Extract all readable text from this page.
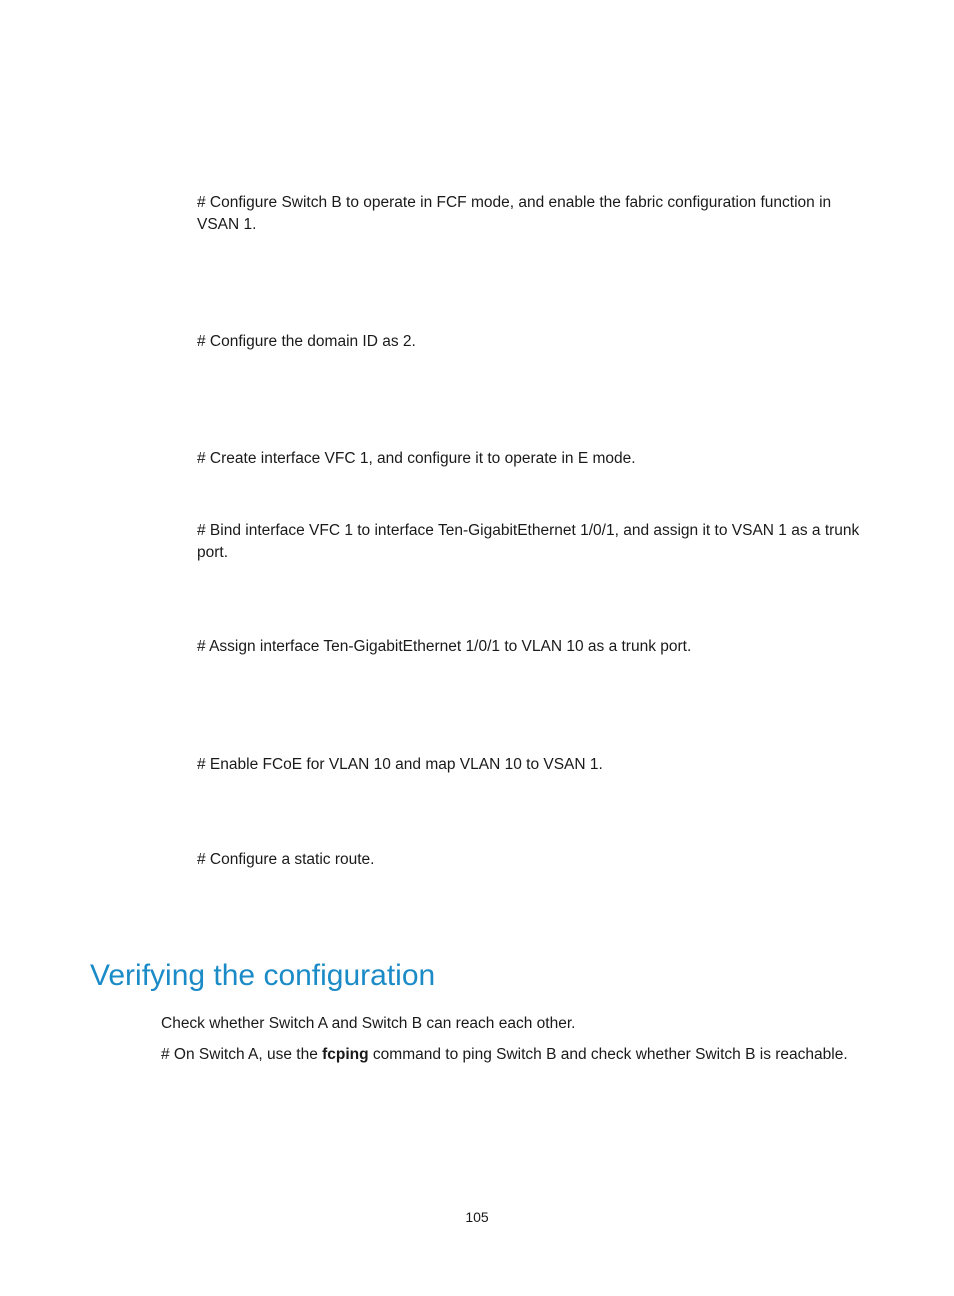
# Configure Switch B to operate in FCF mode, and enable the fabric configuration function in VSAN 1.

# Configure the domain ID as 2.

# Create interface VFC 1, and configure it to operate in E mode.

# Bind interface VFC 1 to interface Ten-GigabitEthernet 1/0/1, and assign it to VSAN 1 as a trunk port.

# Assign interface Ten-GigabitEthernet 1/0/1 to VLAN 10 as a trunk port.

# Enable FCoE for VLAN 10 and map VLAN 10 to VSAN 1.

# Configure a static route.

Verifying the configuration

Check whether Switch A and Switch B can reach each other.

# On Switch A, use the fcping command to ping Switch B and check whether Switch B is reachable.

105
